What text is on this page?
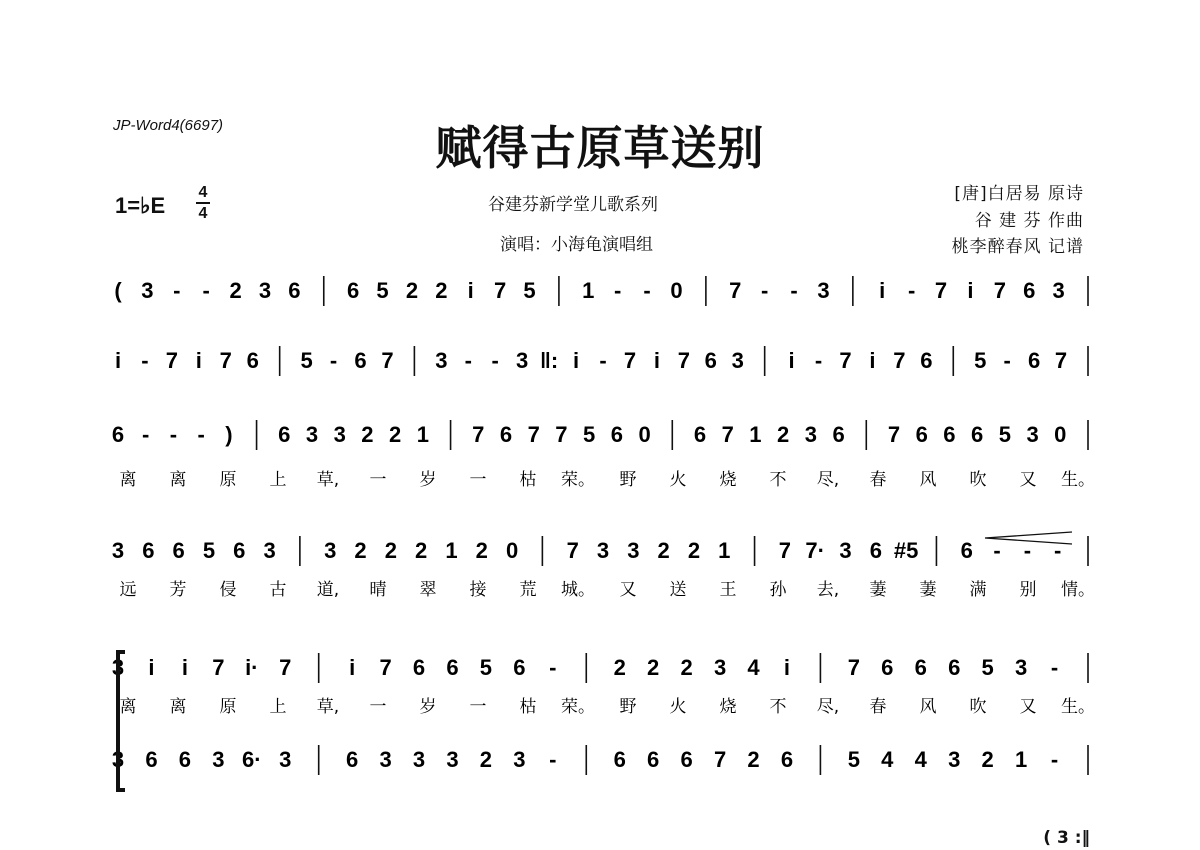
JP-Word4(6697)	赋得古原草送别
1=♭E
4
4	谷建芬新学堂儿歌系列
演唱：小海龟演唱组
[唐]白居易 原诗
谷 建 芬 作曲
桃李醉春风 记谱
( 3 - - 2 3 6 6 5 2 2 i 7 5 1 - - 0 7 - - 3 i - 7 i 7 6 3
i - 7 i 7 6 5 - 6 7 3 - - 3 ‖: i - 7 i 7 6 3 i - 7 i 7 6 5 - 6 7
6 - - - ) 6 3 3 2 2 1 7 6 7 7 5 6 0 6 7 1 2 3 6 7 6 6 6 5 3 0
离 离 原 上 草, 一 岁 一 枯 荣。 野 火 烧 不 尽, 春 风 吹 又 生。
3 6 6 5 6 3 3 2 2 2 1 2 0 7 3 3 2 2 1 7 7· 3 6 #5 6 - - -
远 芳 侵 古 道, 晴 翠 接 荒 城。 又 送 王 孙 去, 萋 萋 满 别 情。
3 i i 7 i· 7	i 7 6 6 5 6 -	2 2 2 3 4 i	7 6 6 6 5 3 -
离 离 原 上 草, 一 岁 一 枯 荣。 野 火 烧 不 尽, 春 风 吹 又 生。
3 6 6 3 6· 3 6 3 3 3 2 3 -	6 6 6 7 2 6 5 4 4 3 2 1 -
( 3 :‖
